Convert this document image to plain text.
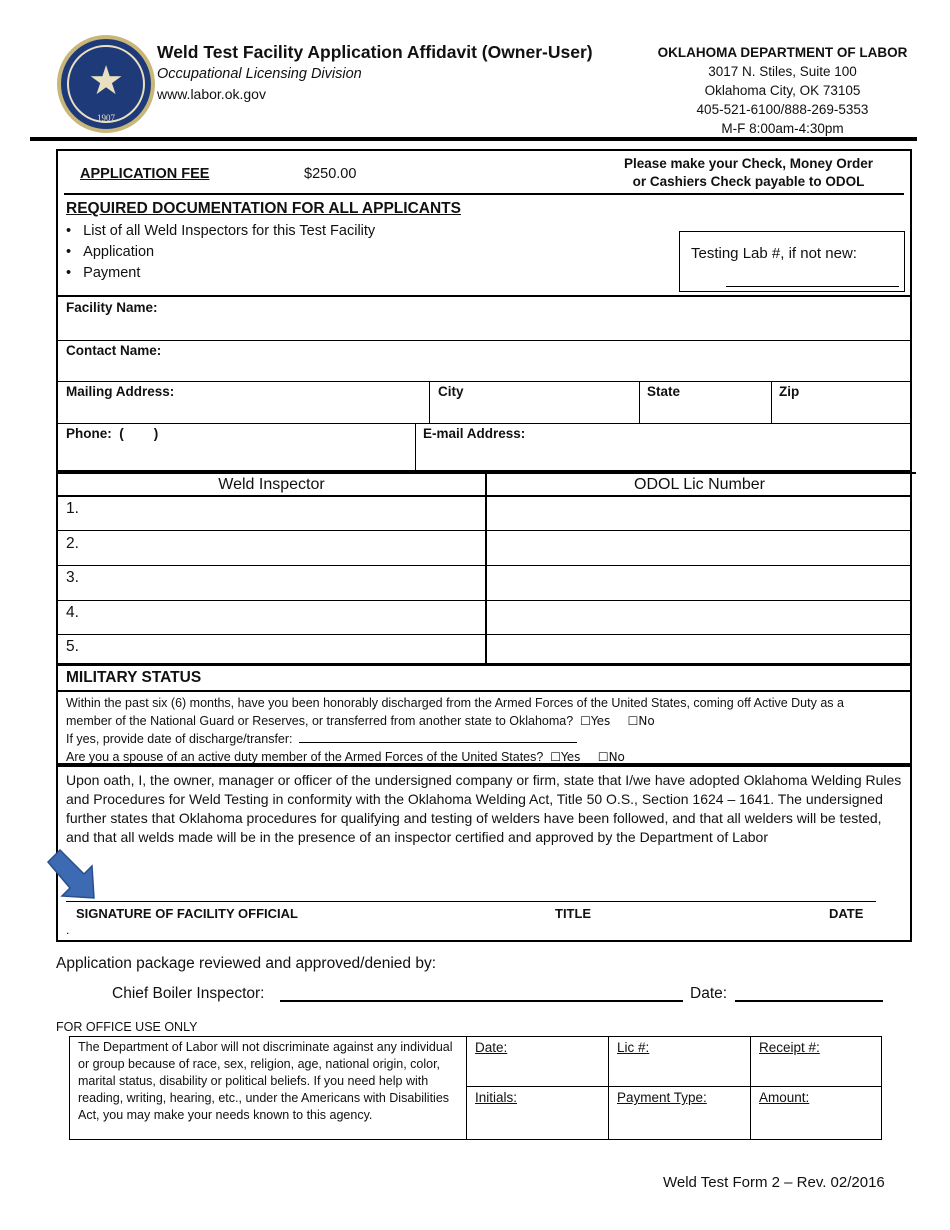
★
1907
Weld Test Facility Application Affidavit (Owner-User)
Occupational Licensing Division
www.labor.ok.gov
OKLAHOMA DEPARTMENT OF LABOR
3017 N. Stiles, Suite 100
Oklahoma City, OK 73105
405-521-6100/888-269-5353
M-F 8:00am-4:30pm
APPLICATION FEE	$250.00
Please make your Check, Money Order
or Cashiers Check payable to ODOL
REQUIRED DOCUMENTATION FOR ALL APPLICANTS
•   List of all Weld Inspectors for this Test Facility
•   Application
•   Payment
Testing Lab #, if not new:
Facility Name:
Contact Name:
Mailing Address:	City	State	Zip
Phone:  (        )	E-mail Address:
Weld Inspector	ODOL Lic Number
1.
2.
3.
4.
5.
MILITARY STATUS
Within the past six (6) months, have you been honorably discharged from the Armed Forces of the United States, coming off Active Duty as a
member of the National Guard or Reserves, or transferred from another state to Oklahoma? ☐Yes ☐No
If yes, provide date of discharge/transfer:
Are you a spouse of an active duty member of the Armed Forces of the United States? ☐Yes ☐No
Upon oath, I, the owner, manager or officer of the undersigned company or firm, state that I/we have adopted Oklahoma Welding Rules and Procedures for Weld Testing in conformity with the Oklahoma Welding Act, Title 50 O.S., Section 1624 – 1641. The undersigned further states that Oklahoma procedures for qualifying and testing of welders have been followed, and that all welders will be tested, and that all welds made will be in the presence of an inspector certified and approved by the Department of Labor
SIGNATURE OF FACILITY OFFICIAL	TITLE	DATE
.
Application package reviewed and approved/denied by:
Chief Boiler Inspector:	Date:
FOR OFFICE USE ONLY
The Department of Labor will not discriminate against any individual or group because of race, sex, religion, age, national origin, color, marital status, disability or political beliefs. If you need help with reading, writing, hearing, etc., under the Americans with Disabilities Act, you may make your needs known to this agency.	Date:	Lic #:	Receipt #:
	Initials:	Payment Type:	Amount:
Weld Test Form 2 – Rev. 02/2016
